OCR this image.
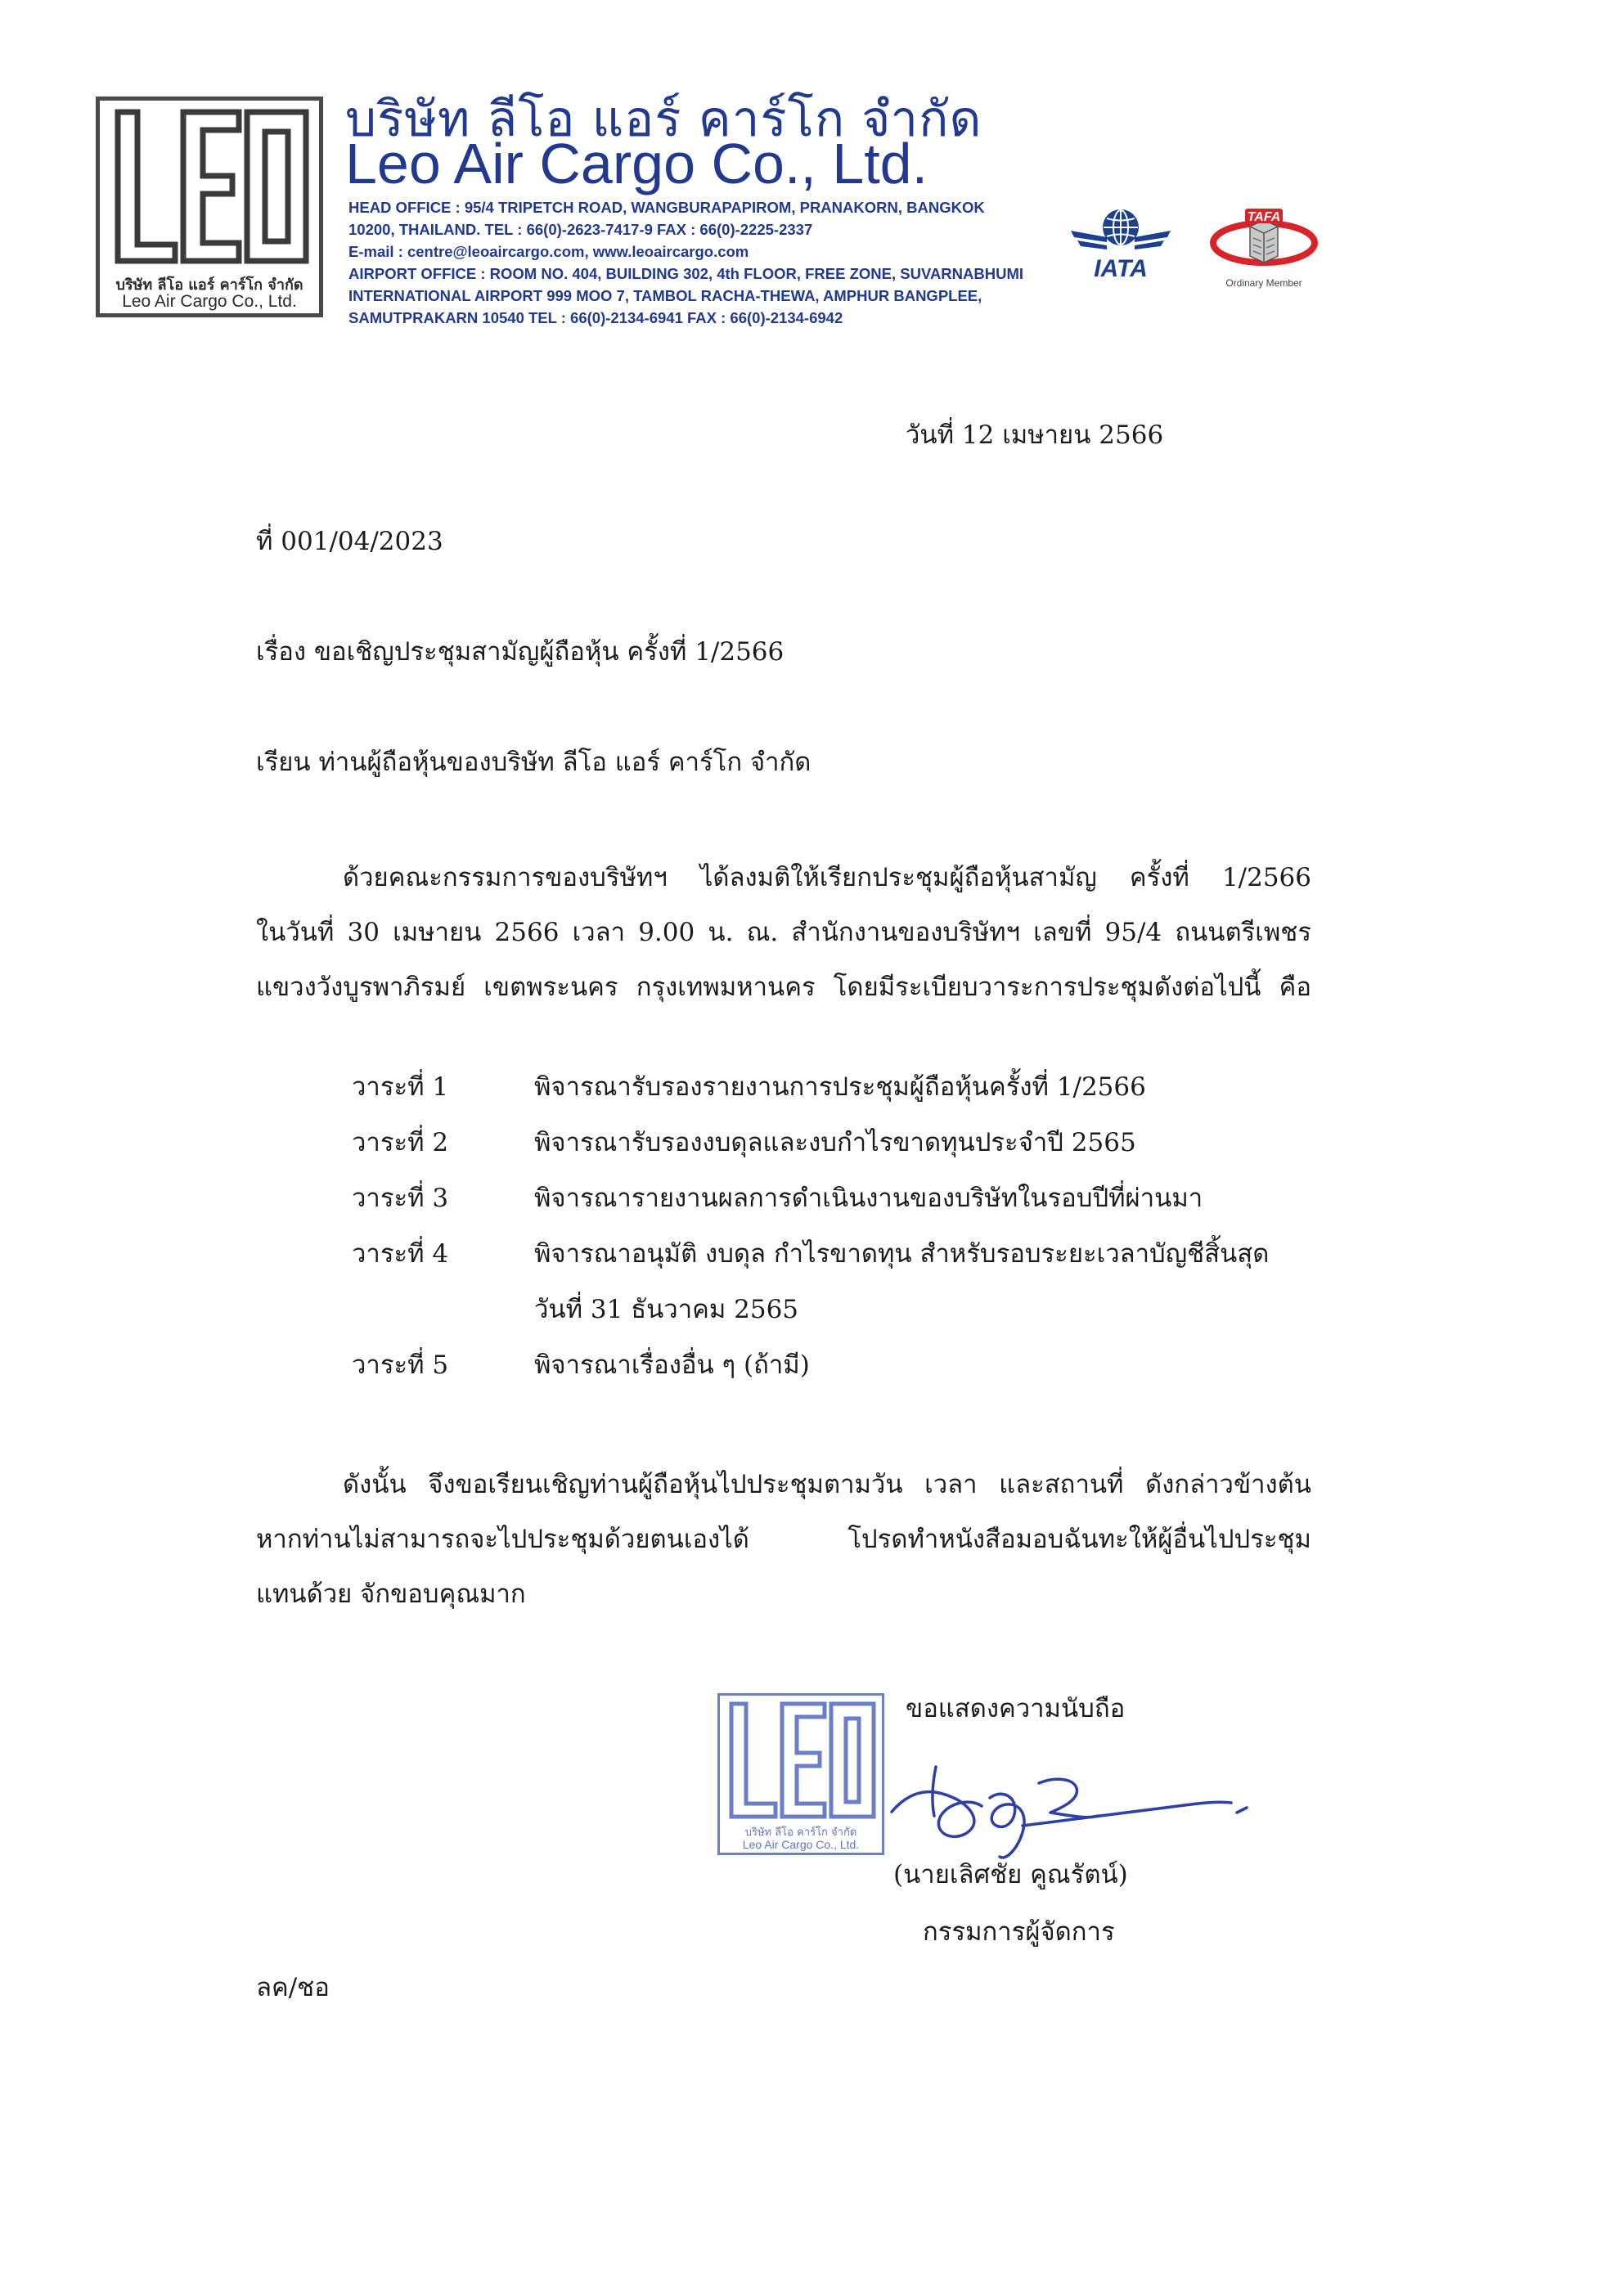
บริษัท ลีโอ แอร์ คาร์โก จำกัด
Leo Air Cargo Co., Ltd.
บริษัท ลีโอ แอร์ คาร์โก จำกัด
Leo Air Cargo Co., Ltd.
HEAD OFFICE : 95/4 TRIPETCH ROAD, WANGBURAPAPIROM, PRANAKORN, BANGKOK
10200, THAILAND. TEL : 66(0)-2623-7417-9 FAX : 66(0)-2225-2337
E-mail : centre@leoaircargo.com, www.leoaircargo.com
AIRPORT OFFICE : ROOM NO. 404, BUILDING 302, 4th FLOOR, FREE ZONE, SUVARNABHUMI
INTERNATIONAL AIRPORT 999 MOO 7, TAMBOL RACHA-THEWA, AMPHUR BANGPLEE,
SAMUTPRAKARN 10540 TEL : 66(0)-2134-6941 FAX : 66(0)-2134-6942
IATA
TAFA
Ordinary Member
วันที่ 12 เมษายน 2566
ที่ 001/04/2023
เรื่อง ขอเชิญประชุมสามัญผู้ถือหุ้น ครั้งที่ 1/2566
เรียน ท่านผู้ถือหุ้นของบริษัท ลีโอ แอร์ คาร์โก จำกัด
ด้วยคณะกรรมการของบริษัทฯ ได้ลงมติให้เรียกประชุมผู้ถือหุ้นสามัญ ครั้งที่ 1/2566
ในวันที่ 30 เมษายน 2566 เวลา 9.00 น. ณ. สำนักงานของบริษัทฯ เลขที่ 95/4 ถนนตรีเพชร
แขวงวังบูรพาภิรมย์ เขตพระนคร กรุงเทพมหานคร โดยมีระเบียบวาระการประชุมดังต่อไปนี้ คือ
วาระที่ 1	พิจารณารับรองรายงานการประชุมผู้ถือหุ้นครั้งที่ 1/2566
วาระที่ 2	พิจารณารับรองงบดุลและงบกำไรขาดทุนประจำปี 2565
วาระที่ 3	พิจารณารายงานผลการดำเนินงานของบริษัทในรอบปีที่ผ่านมา
วาระที่ 4	พิจารณาอนุมัติ งบดุล กำไรขาดทุน สำหรับรอบระยะเวลาบัญชีสิ้นสุด
วันที่ 31 ธันวาคม 2565
วาระที่ 5	พิจารณาเรื่องอื่น ๆ (ถ้ามี)
ดังนั้น จึงขอเรียนเชิญท่านผู้ถือหุ้นไปประชุมตามวัน เวลา และสถานที่ ดังกล่าวข้างต้น
หากท่านไม่สามารถจะไปประชุมด้วยตนเองได้ โปรดทำหนังสือมอบฉันทะให้ผู้อื่นไปประชุม
แทนด้วย จักขอบคุณมาก
ขอแสดงความนับถือ
บริษัท ลีโอ คาร์โก จำกัด
Leo Air Cargo Co., Ltd.
(นายเลิศชัย คูณรัตน์)
กรรมการผู้จัดการ
ลค/ชอ
